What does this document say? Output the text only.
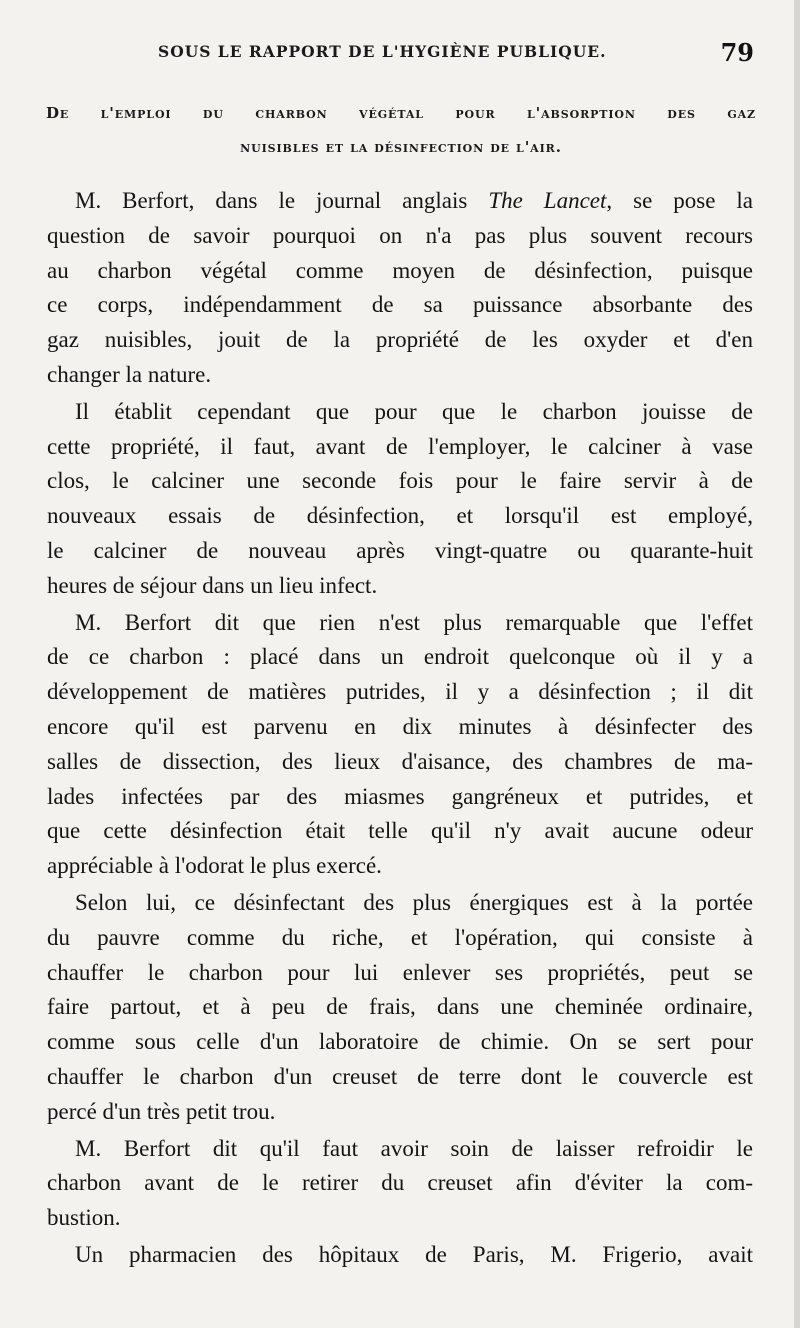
SOUS LE RAPPORT DE L'HYGIÈNE PUBLIQUE.	79
De l'emploi du charbon végétal pour l'absorption des gaz
nuisibles et la désinfection de l'air.
M. Berfort, dans le journal anglais The Lancet, se pose la
question de savoir pourquoi on n'a pas plus souvent recours
au charbon végétal comme moyen de désinfection, puisque
ce corps, indépendamment de sa puissance absorbante des
gaz nuisibles, jouit de la propriété de les oxyder et d'en
changer la nature.
Il établit cependant que pour que le charbon jouisse de
cette propriété, il faut, avant de l'employer, le calciner à vase
clos, le calciner une seconde fois pour le faire servir à de
nouveaux essais de désinfection, et lorsqu'il est employé,
le calciner de nouveau après vingt-quatre ou quarante-huit
heures de séjour dans un lieu infect.
M. Berfort dit que rien n'est plus remarquable que l'effet
de ce charbon : placé dans un endroit quelconque où il y a
développement de matières putrides, il y a désinfection ; il dit
encore qu'il est parvenu en dix minutes à désinfecter des
salles de dissection, des lieux d'aisance, des chambres de ma-
lades infectées par des miasmes gangréneux et putrides, et
que cette désinfection était telle qu'il n'y avait aucune odeur
appréciable à l'odorat le plus exercé.
Selon lui, ce désinfectant des plus énergiques est à la portée
du pauvre comme du riche, et l'opération, qui consiste à
chauffer le charbon pour lui enlever ses propriétés, peut se
faire partout, et à peu de frais, dans une cheminée ordinaire,
comme sous celle d'un laboratoire de chimie. On se sert pour
chauffer le charbon d'un creuset de terre dont le couvercle est
percé d'un très petit trou.
M. Berfort dit qu'il faut avoir soin de laisser refroidir le
charbon avant de le retirer du creuset afin d'éviter la com-
bustion.
Un pharmacien des hôpitaux de Paris, M. Frigerio, avait
